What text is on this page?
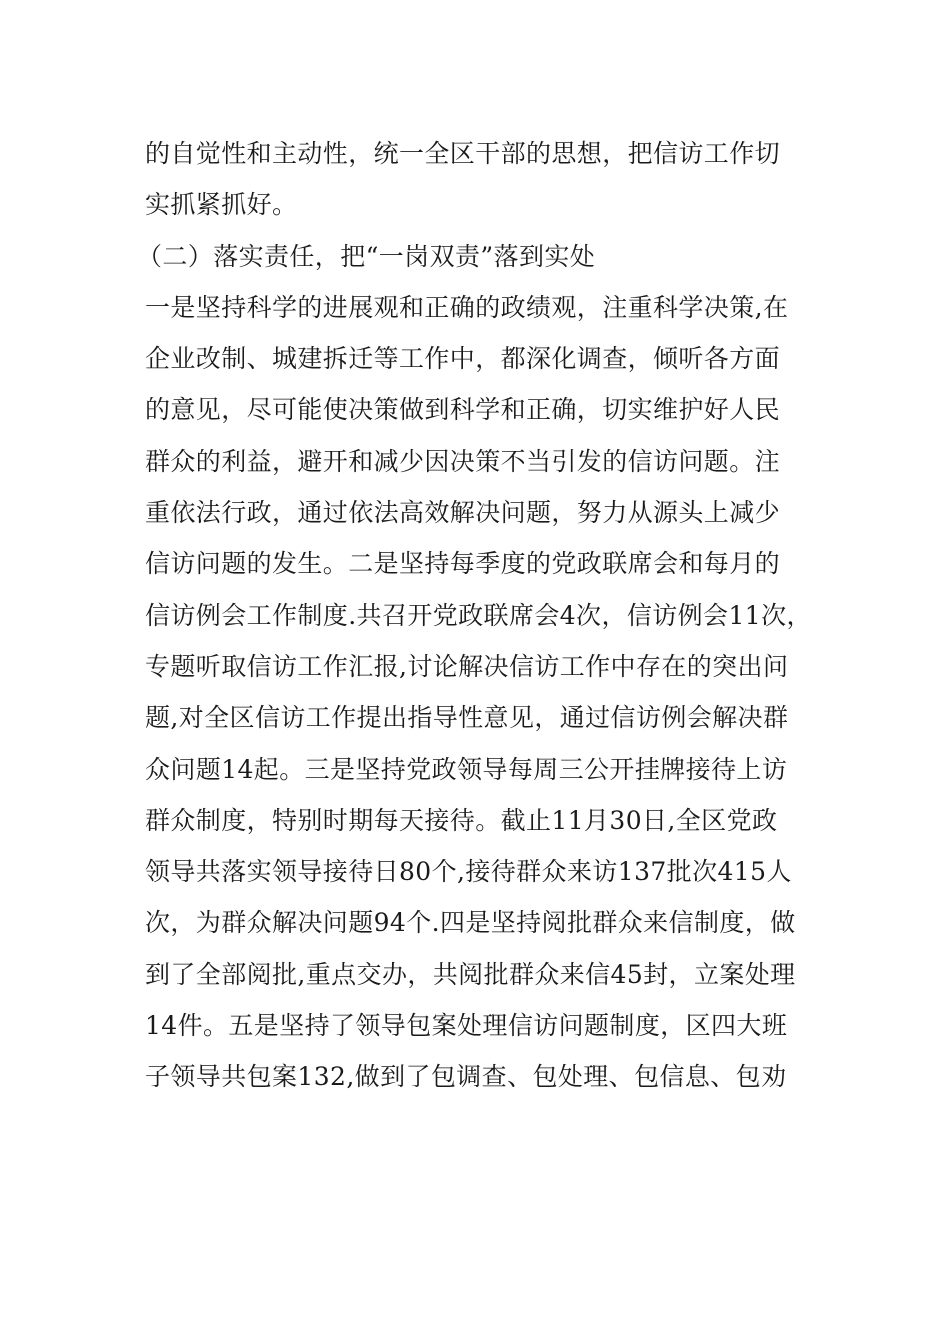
的自觉性和主动性，统一全区干部的思想，把信访工作切
实抓紧抓好。
（二）落实责任，把“一岗双责”落到实处
一是坚持科学的进展观和正确的政绩观，注重科学决策,在
企业改制、城建拆迁等工作中，都深化调查，倾听各方面
的意见，尽可能使决策做到科学和正确，切实维护好人民
群众的利益，避开和减少因决策不当引发的信访问题。注
重依法行政，通过依法高效解决问题，努力从源头上减少
信访问题的发生。二是坚持每季度的党政联席会和每月的
信访例会工作制度.共召开党政联席会4次，信访例会11次，
专题听取信访工作汇报,讨论解决信访工作中存在的突出问
题,对全区信访工作提出指导性意见，通过信访例会解决群
众问题14起。三是坚持党政领导每周三公开挂牌接待上访
群众制度，特别时期每天接待。截止11月30日,全区党政
领导共落实领导接待日80个,接待群众来访137批次415人
次，为群众解决问题94个.四是坚持阅批群众来信制度，做
到了全部阅批,重点交办，共阅批群众来信45封，立案处理
14件。五是坚持了领导包案处理信访问题制度，区四大班
子领导共包案132,做到了包调查、包处理、包信息、包劝
